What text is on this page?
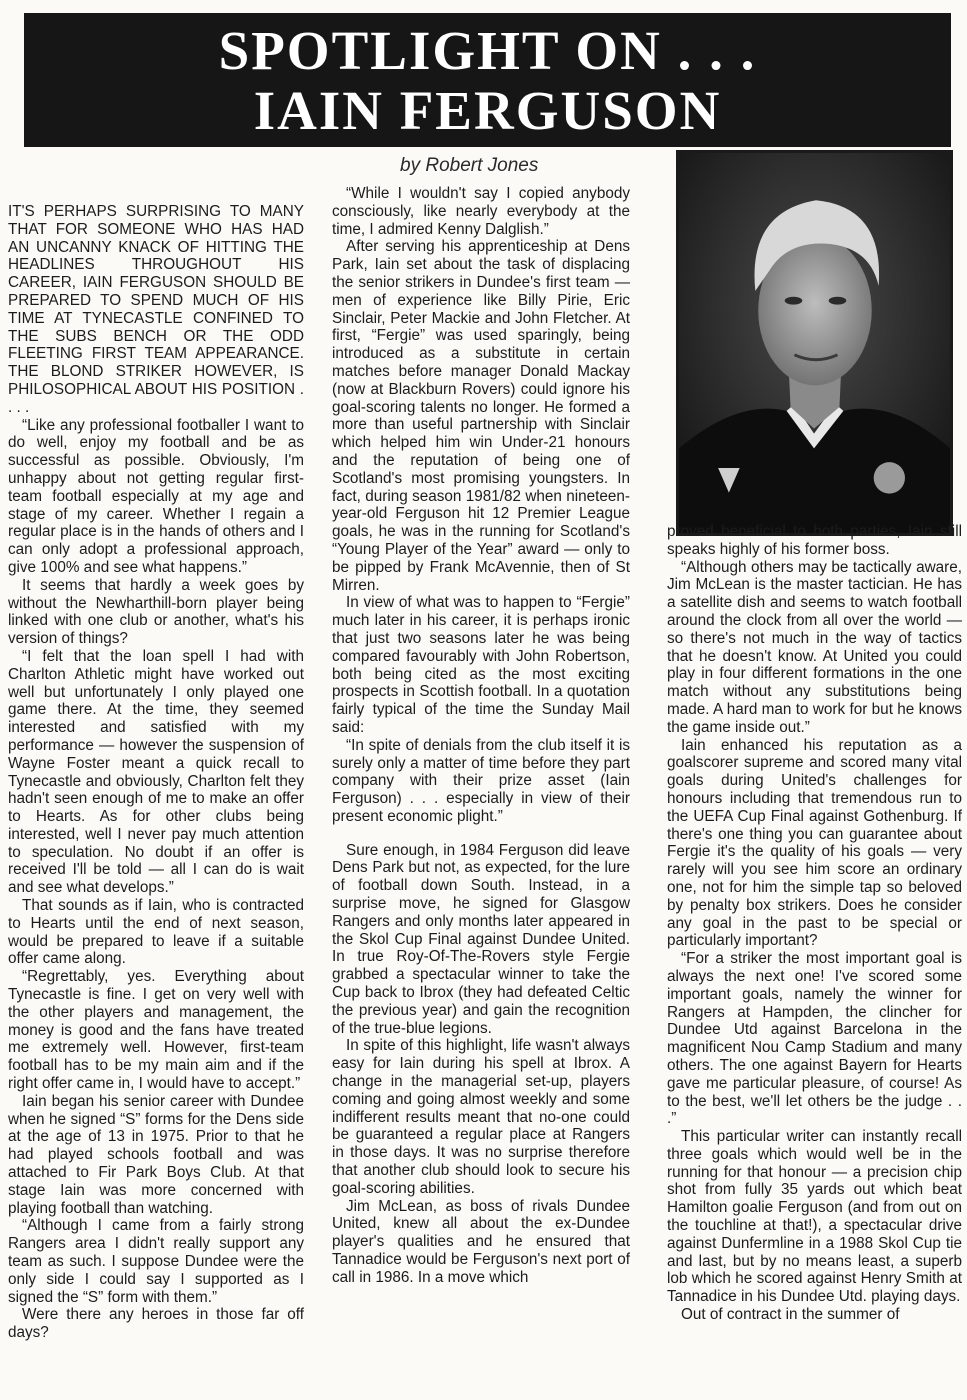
SPOTLIGHT ON . . .
IAIN FERGUSON
by Robert Jones

IT'S PERHAPS SURPRISING TO MANY THAT FOR SOMEONE WHO HAS HAD AN UNCANNY KNACK OF HITTING THE HEADLINES THROUGHOUT HIS CAREER, IAIN FERGUSON SHOULD BE PREPARED TO SPEND MUCH OF HIS TIME AT TYNECASTLE CONFINED TO THE SUBS BENCH OR THE ODD FLEETING FIRST TEAM APPEARANCE. THE BLOND STRIKER HOWEVER, IS PHILOSOPHICAL ABOUT HIS POSITION . . . .

“Like any professional footballer I want to do well, enjoy my football and be as successful as possible. Obviously, I'm unhappy about not getting regular first-team football especially at my age and stage of my career. Whether I regain a regular place is in the hands of others and I can only adopt a professional approach, give 100% and see what happens.”

It seems that hardly a week goes by without the Newharthill-born player being linked with one club or another, what's his version of things?

“I felt that the loan spell I had with Charlton Athletic might have worked out well but unfortunately I only played one game there. At the time, they seemed interested and satisfied with my performance — however the suspension of Wayne Foster meant a quick recall to Tynecastle and obviously, Charlton felt they hadn't seen enough of me to make an offer to Hearts. As for other clubs being interested, well I never pay much attention to speculation. No doubt if an offer is received I'll be told — all I can do is wait and see what develops.”

That sounds as if Iain, who is contracted to Hearts until the end of next season, would be prepared to leave if a suitable offer came along.

“Regrettably, yes. Everything about Tynecastle is fine. I get on very well with the other players and management, the money is good and the fans have treated me extremely well. However, first-team football has to be my main aim and if the right offer came in, I would have to accept.”

Iain began his senior career with Dundee when he signed “S” forms for the Dens side at the age of 13 in 1975. Prior to that he had played schools football and was attached to Fir Park Boys Club. At that stage Iain was more concerned with playing football than watching.

“Although I came from a fairly strong Rangers area I didn't really support any team as such. I suppose Dundee were the only side I could say I supported as I signed the “S” form with them.”

Were there any heroes in those far off days?

“While I wouldn't say I copied anybody consciously, like nearly everybody at the time, I admired Kenny Dalglish.”

After serving his apprenticeship at Dens Park, Iain set about the task of displacing the senior strikers in Dundee's first team — men of experience like Billy Pirie, Eric Sinclair, Peter Mackie and John Fletcher. At first, “Fergie” was used sparingly, being introduced as a substitute in certain matches before manager Donald Mackay (now at Blackburn Rovers) could ignore his goal-scoring talents no longer. He formed a more than useful partnership with Sinclair which helped him win Under-21 honours and the reputation of being one of Scotland's most promising youngsters. In fact, during season 1981/82 when nineteen-year-old Ferguson hit 12 Premier League goals, he was in the running for Scotland's “Young Player of the Year” award — only to be pipped by Frank McAvennie, then of St Mirren.

In view of what was to happen to “Fergie” much later in his career, it is perhaps ironic that just two seasons later he was being compared favourably with John Robertson, both being cited as the most exciting prospects in Scottish football. In a quotation fairly typical of the time the Sunday Mail said:

“In spite of denials from the club itself it is surely only a matter of time before they part company with their prize asset (Iain Ferguson) . . . especially in view of their present economic plight.”

Sure enough, in 1984 Ferguson did leave Dens Park but not, as expected, for the lure of football down South. Instead, in a surprise move, he signed for Glasgow Rangers and only months later appeared in the Skol Cup Final against Dundee United. In true Roy-Of-The-Rovers style Fergie grabbed a spectacular winner to take the Cup back to Ibrox (they had defeated Celtic the previous year) and gain the recognition of the true-blue legions.

In spite of this highlight, life wasn't always easy for Iain during his spell at Ibrox. A change in the managerial set-up, players coming and going almost weekly and some indifferent results meant that no-one could be guaranteed a regular place at Rangers in those days. It was no surprise therefore that another club should look to secure his goal-scoring abilities.

Jim McLean, as boss of rivals Dundee United, knew all about the ex-Dundee player's qualities and he ensured that Tannadice would be Ferguson's next port of call in 1986. In a move which

proved beneficial to both parties, Iain still speaks highly of his former boss.

“Although others may be tactically aware, Jim McLean is the master tactician. He has a satellite dish and seems to watch football around the clock from all over the world — so there's not much in the way of tactics that he doesn't know. At United you could play in four different formations in the one match without any substitutions being made. A hard man to work for but he knows the game inside out.”

Iain enhanced his reputation as a goalscorer supreme and scored many vital goals during United's challenges for honours including that tremendous run to the UEFA Cup Final against Gothenburg. If there's one thing you can guarantee about Fergie it's the quality of his goals — very rarely will you see him score an ordinary one, not for him the simple tap so beloved by penalty box strikers. Does he consider any goal in the past to be special or particularly important?

“For a striker the most important goal is always the next one! I've scored some important goals, namely the winner for Rangers at Hampden, the clincher for Dundee Utd against Barcelona in the magnificent Nou Camp Stadium and many others. The one against Bayern for Hearts gave me particular pleasure, of course! As to the best, we'll let others be the judge . . .”

This particular writer can instantly recall three goals which would well be in the running for that honour — a precision chip shot from fully 35 yards out which beat Hamilton goalie Ferguson (and from out on the touchline at that!), a spectacular drive against Dunfermline in a 1988 Skol Cup tie and last, but by no means least, a superb lob which he scored against Henry Smith at Tannadice in his Dundee Utd. playing days.

Out of contract in the summer of
